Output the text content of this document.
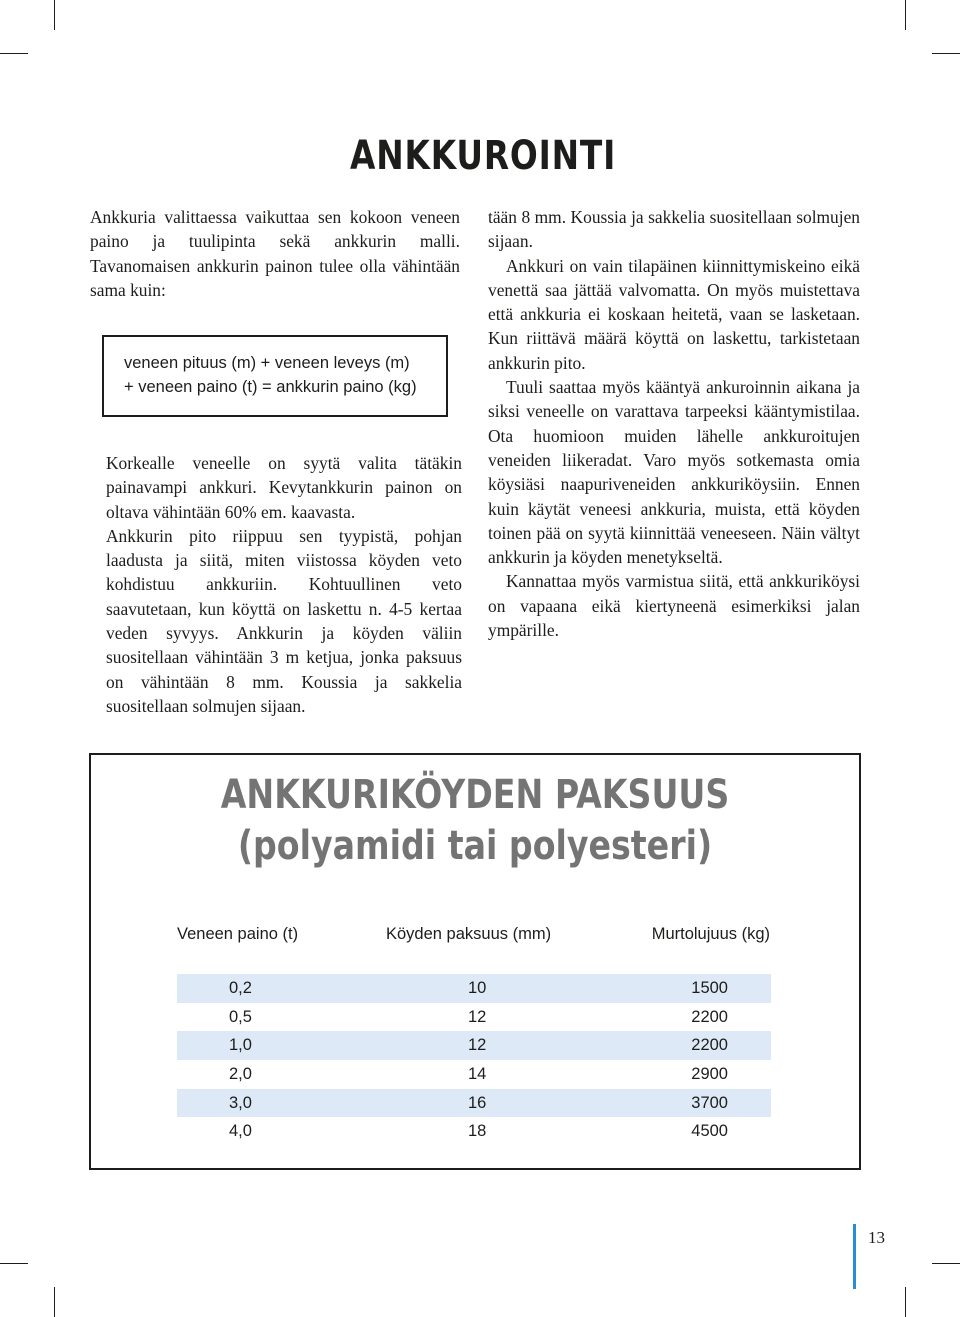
ANKKUROINTI

Ankkuria valittaessa vaikuttaa sen kokoon veneen paino ja tuulipinta sekä ankkurin malli. Tavanomaisen ankkurin painon tulee olla vähintään sama kuin:

veneen pituus (m) + veneen leveys (m)
+ veneen paino (t) = ankkurin paino (kg)

Korkealle veneelle on syytä valita tätäkin painavampi ankkuri. Kevytankkurin painon on oltava vähintään 60% em. kaavasta.

Ankkurin pito riippuu sen tyypistä, pohjan laadusta ja siitä, miten viistossa köyden veto kohdistuu ankkuriin. Kohtuullinen veto saavutetaan, kun köyttä on laskettu n. 4-5 kertaa veden syvyys. Ankkurin ja köyden väliin suositellaan vähintään 3 m ketjua, jonka paksuus on vähintään 8 mm. Koussia ja sakkelia suositellaan solmujen sijaan.

tään 8 mm. Koussia ja sakkelia suositellaan solmujen sijaan.

Ankkuri on vain tilapäinen kiinnittymiskeino eikä venettä saa jättää valvomatta. On myös muistettava että ankkuria ei koskaan heitetä, vaan se lasketaan. Kun riittävä määrä köyttä on laskettu, tarkistetaan ankkurin pito.

Tuuli saattaa myös kääntyä ankuroinnin aikana ja siksi veneelle on varattava tarpeeksi kääntymistilaa. Ota huomioon muiden lähelle ankkuroitujen veneiden liikeradat. Varo myös sotkemasta omia köysiäsi naapuriveneiden ankkuriköysiin. Ennen kuin käytät veneesi ankkuria, muista, että köyden toinen pää on syytä kiinnittää veneeseen. Näin vältyt ankkurin ja köyden menetykseltä.

Kannattaa myös varmistua siitä, että ankkuriköysi on vapaana eikä kiertyneenä esimerkiksi jalan ympärille.

ANKKURIKÖYDEN PAKSUUS
(polyamidi tai polyesteri)
Veneen paino (t)	Köyden paksuus (mm)	Murtolujuus (kg)
0,2	10	1500
0,5	12	2200
1,0	12	2200
2,0	14	2900
3,0	16	3700
4,0	18	4500
13
